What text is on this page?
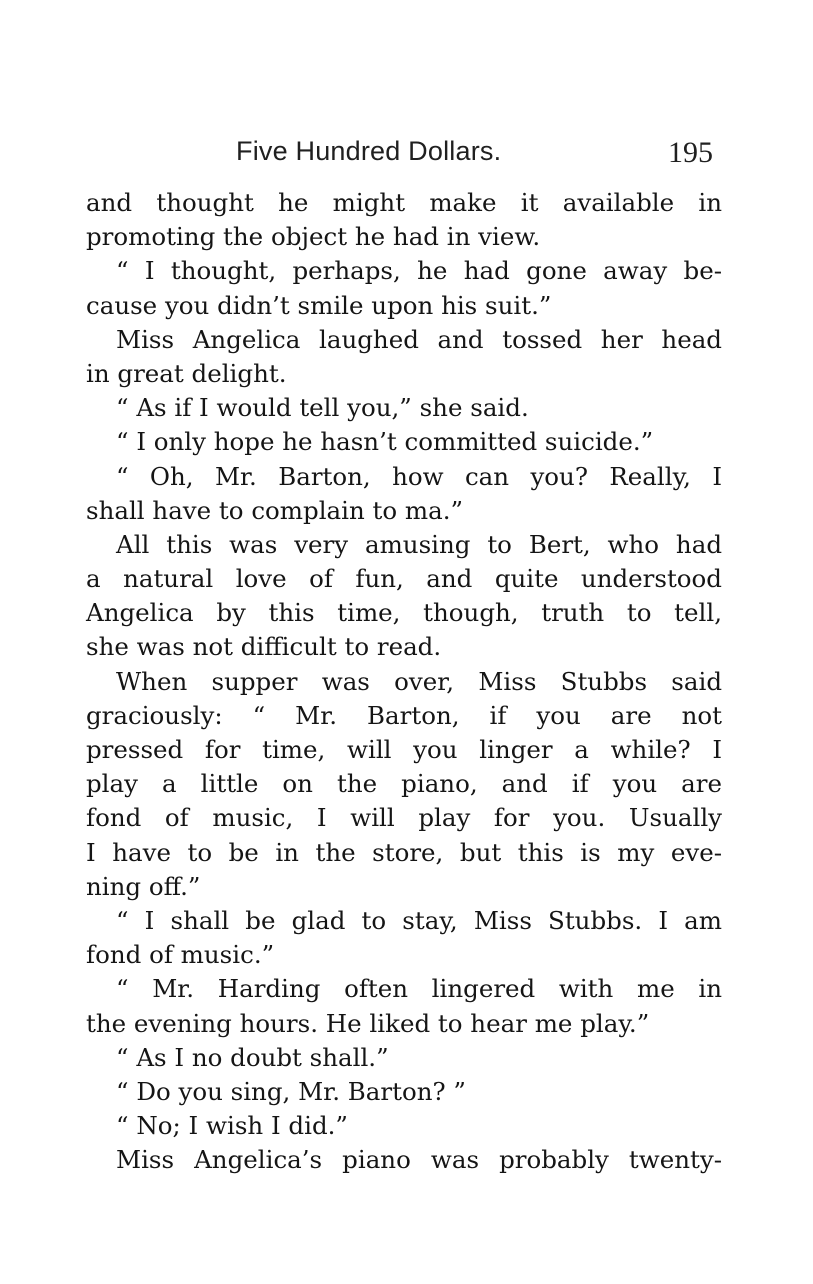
Five Hundred Dollars.	195
and thought he might make it available in
promoting the object he had in view.
“ I thought, perhaps, he had gone away be-
cause you didn’t smile upon his suit.”
Miss Angelica laughed and tossed her head
in great delight.
“ As if I would tell you,” she said.
“ I only hope he hasn’t committed suicide.”
“ Oh, Mr. Barton, how can you? Really, I
shall have to complain to ma.”
All this was very amusing to Bert, who had
a natural love of fun, and quite understood
Angelica by this time, though, truth to tell,
she was not difficult to read.
When supper was over, Miss Stubbs said
graciously: “ Mr. Barton, if you are not
pressed for time, will you linger a while? I
play a little on the piano, and if you are
fond of music, I will play for you. Usually
I have to be in the store, but this is my eve-
ning off.”
“ I shall be glad to stay, Miss Stubbs. I am
fond of music.”
“ Mr. Harding often lingered with me in
the evening hours. He liked to hear me play.”
“ As I no doubt shall.”
“ Do you sing, Mr. Barton? ”
“ No; I wish I did.”
Miss Angelica’s piano was probably twenty-
